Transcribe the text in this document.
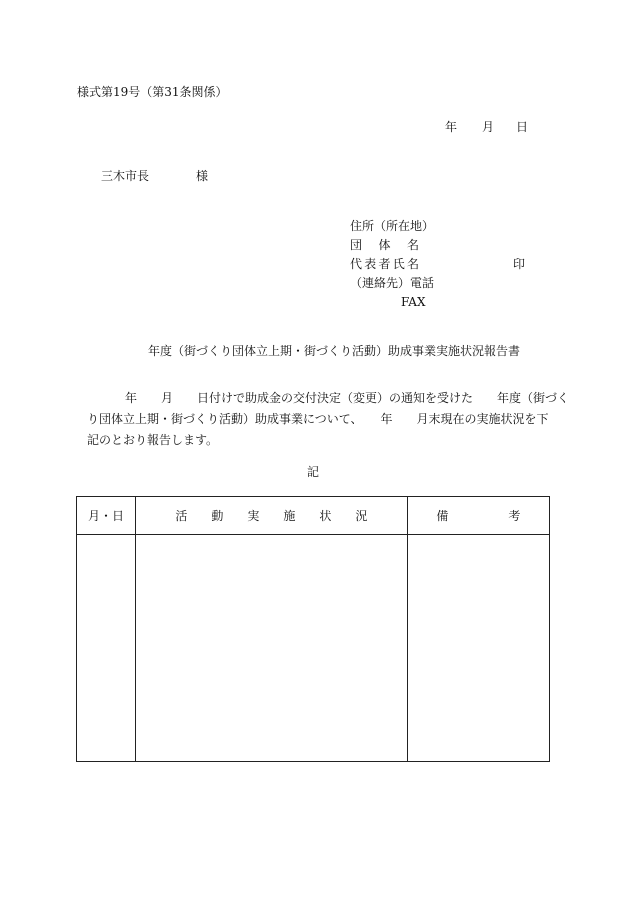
様式第19号（第31条関係）
年 月 日
三木市長	様
住所（所在地）
団体名
代表者氏名	印
（連絡先）電話
FAX
年度（街づくり団体立上期・街づくり活動）助成事業実施状況報告書
年　　月　　日付けで助成金の交付決定（変更）の通知を受けた　　年度（街づく
り団体立上期・街づくり活動）助成事業について、　　年　　月末現在の実施状況を下
記のとおり報告します。
記
月・日	活　　動　　実　　施　　状　　況	備　　　　　考
